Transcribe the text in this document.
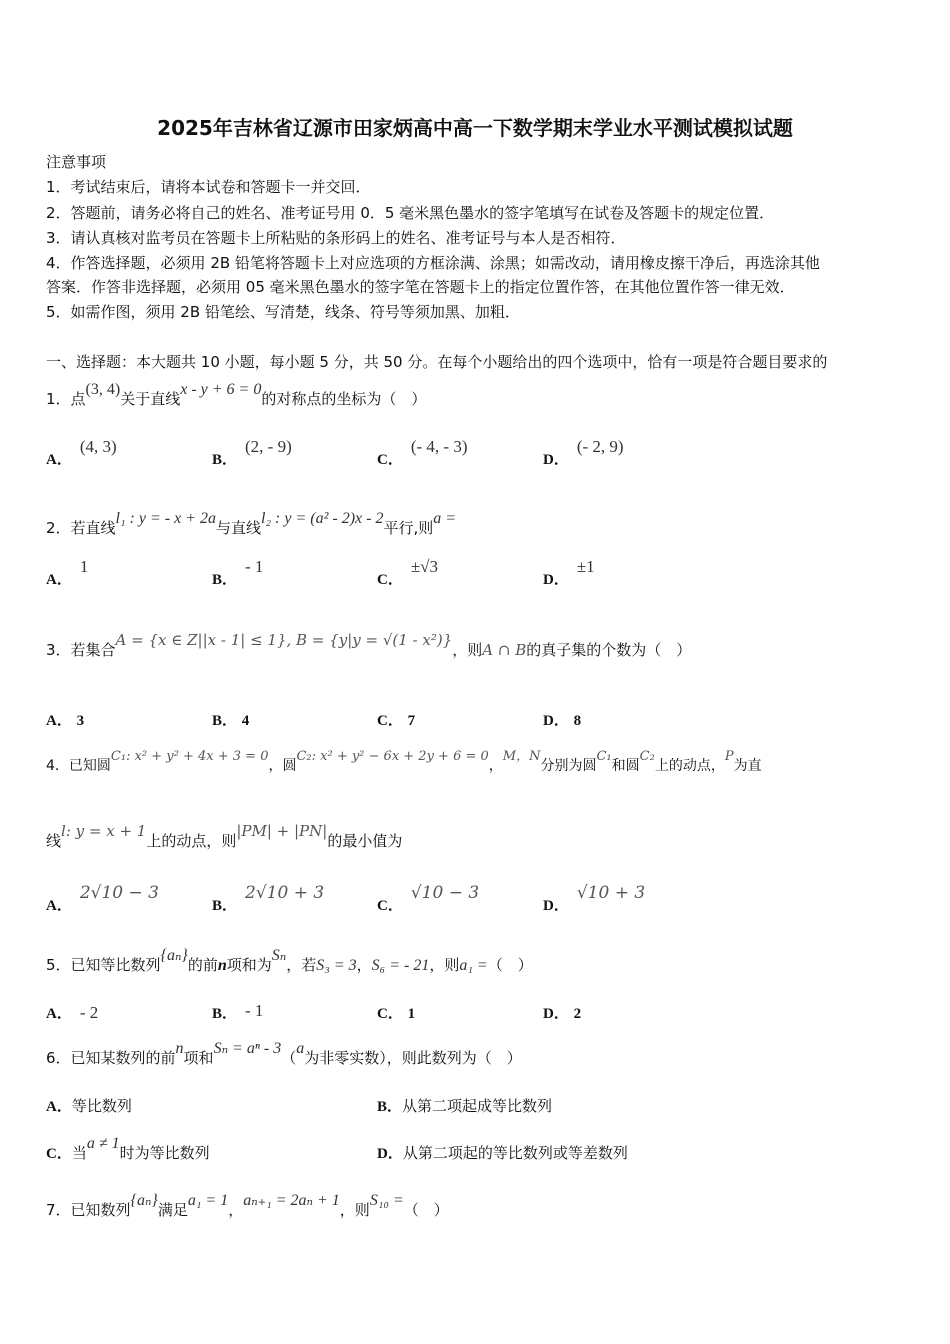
2025年吉林省辽源市田家炳高中高一下数学期末学业水平测试模拟试题
注意事项
1．考试结束后，请将本试卷和答题卡一并交回．
2．答题前，请务必将自己的姓名、准考证号用 0．5 毫米黑色墨水的签字笔填写在试卷及答题卡的规定位置．
3．请认真核对监考员在答题卡上所粘贴的条形码上的姓名、准考证号与本人是否相符．
4．作答选择题，必须用 2B 铅笔将答题卡上对应选项的方框涂满、涂黑；如需改动，请用橡皮擦干净后，再选涂其他
答案．作答非选择题，必须用 05 毫米黑色墨水的签字笔在答题卡上的指定位置作答，在其他位置作答一律无效．
5．如需作图，须用 2B 铅笔绘、写清楚，线条、符号等须加黑、加粗．
一、选择题：本大题共 10 小题，每小题 5 分，共 50 分。在每个小题给出的四个选项中，恰有一项是符合题目要求的
1．点(3, 4)关于直线x - y + 6 = 0的对称点的坐标为（　）
A．(4, 3)
B．(2, - 9)
C．(- 4, - 3)
D．(- 2, 9)
2．若直线l₁ : y = - x + 2a与直线l₂ : y = (a² - 2)x - 2平行,则a =
A．1
B．- 1
C．±√3
D．±1
3．若集合A = {x ∈ Z||x - 1| ≤ 1}, B = {y|y = √(1 - x²)}，则A ∩ B的真子集的个数为（　）
A． 3	B． 4	C． 7	D． 8
4．已知圆C₁: x² + y² + 4x + 3 = 0，圆C₂: x² + y² − 6x + 2y + 6 = 0，M，N分别为圆C₁和圆C₂上的动点，P为直
线l: y = x + 1上的动点，则|PM| + |PN|的最小值为
A．2√10 − 3
B．2√10 + 3
C．√10 − 3
D．√10 + 3
5．已知等比数列{aₙ}的前n项和为Sₙ，若S₃ = 3，S₆ = - 21，则a₁ =（　）
A． - 2	B． - 1	C． 1	D． 2
6．已知某数列的前n项和Sₙ = aⁿ - 3（a为非零实数），则此数列为（　）
A．等比数列	B．从第二项起成等比数列
C．当a ≠ 1时为等比数列	D．从第二项起的等比数列或等差数列
7．已知数列{aₙ}满足a₁ = 1，aₙ₊₁ = 2aₙ + 1，则S₁₀ =（　）
